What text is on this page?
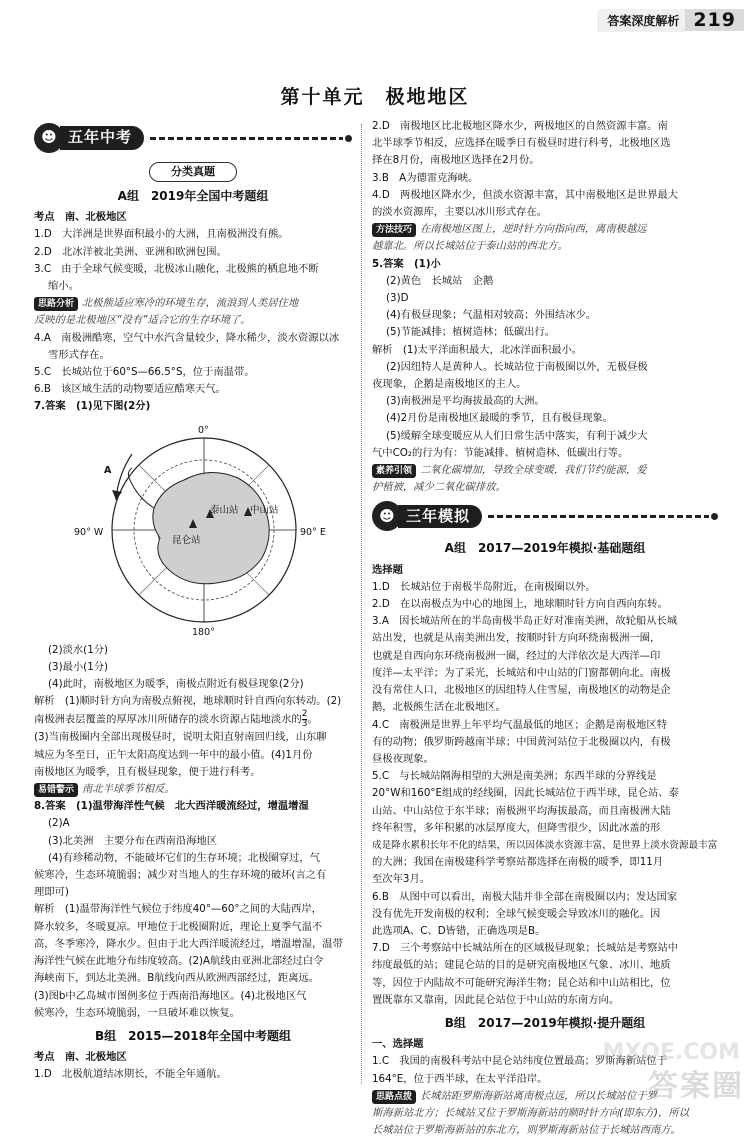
答案深度解析 219
第十单元　极地地区
☻ 五年中考
分类真题
A组　2019年全国中考题组
考点　南、北极地区
1.D　大洋洲是世界面积最小的大洲，且南极洲没有熊。
2.D　北冰洋被北美洲、亚洲和欧洲包围。
3.C　由于全球气候变暖，北极冰山融化，北极熊的栖息地不断
缩小。
思路分析 北极熊适应寒冷的环境生存，流浪到人类居住地
反映的是北极地区“没有”适合它的生存环境了。
4.A　南极洲酷寒，空气中水汽含量较少，降水稀少，淡水资源以冰
雪形式存在。
5.C　长城站位于60°S—66.5°S，位于南温带。
6.B　该区域生活的动物要适应酷寒天气。
7.答案　(1)见下图(2分)
0°
180°
90° W	90° E
A
昆仑站
泰山站 中山站
(2)淡水(1分)
(3)最小(1分)
(4)此时，南极地区为暖季，南极点附近有极昼现象(2分)
解析　(1)顺时针方向为南极点俯视，地球顺时针自西向东转动。(2)
南极洲表层覆盖的厚厚冰川所储存的淡水资源占陆地淡水的 $\frac{2}{3}$ 。
(3)当南极圈内全部出现极昼时，说明太阳直射南回归线，山东聊
城应为冬至日，正午太阳高度达到一年中的最小值。(4)1月份
南极地区为暖季，且有极昼现象，便于进行科考。
易错警示 南北半球季节相反。
8.答案　(1)温带海洋性气候　北大西洋暖流经过，增温增湿
(2)A
(3)北美洲　主要分布在西南沿海地区
(4)有珍稀动物，不能破坏它们的生存环境；北极圈穿过，气
候寒冷，生态环境脆弱；减少对当地人的生存环境的破坏(言之有
理即可)
解析　(1)温带海洋性气候位于纬度40°—60°之间的大陆西岸，
降水较多，冬暖夏凉。甲地位于北极圈附近，理论上夏季气温不
高，冬季寒冷，降水少。但由于北大西洋暖流经过，增温增湿，温带
海洋性气候在此地分布纬度较高。(2)A航线由亚洲北部经过白令
海峡南下，到达北美洲。B航线向西从欧洲西部经过，距离远。
(3)图b中乙岛城市图例多位于西南沿海地区。(4)北极地区气
候寒冷，生态环境脆弱，一旦破坏难以恢复。
B组　2015—2018年全国中考题组
考点　南、北极地区
1.D　北极航道结冰期长，不能全年通航。
2.D　南极地区比北极地区降水少，两极地区的自然资源丰富。南
北半球季节相反，应选择在暖季日有极昼时进行科考，北极地区选
择在8月份，南极地区选择在2月份。
3.B　A为德雷克海峡。
4.D　两极地区降水少，但淡水资源丰富，其中南极地区是世界最大
的淡水资源库，主要以冰川形式存在。
方法技巧 在南极地区图上，逆时针方向指向西，离南极越远
越靠北。所以长城站位于泰山站的西北方。
5.答案　(1)小
(2)黄色　长城站　企鹅
(3)D
(4)有极昼现象；气温相对较高；外围结冰少。
(5)节能减排；植树造林；低碳出行。
解析　(1)太平洋面积最大，北冰洋面积最小。
(2)因纽特人是黄种人。长城站位于南极圈以外，无极昼极
夜现象，企鹅是南极地区的主人。
(3)南极洲是平均海拔最高的大洲。
(4)2月份是南极地区最暖的季节，且有极昼现象。
(5)缓解全球变暖应从人们日常生活中落实，有利于减少大
气中CO₂的行为有：节能减排、植树造林、低碳出行等。
素养引领 二氧化碳增加，导致全球变暖，我们节约能源，爱
护植被，减少二氧化碳排放。
☻ 三年模拟
A组　2017—2019年模拟·基础题组
选择题
1.D　长城站位于南极半岛附近，在南极圈以外。
2.D　在以南极点为中心的地图上，地球顺时针方向自西向东转。
3.A　因长城站所在的半岛南极半岛正好对准南美洲，故轮船从长城
站出发，也就是从南美洲出发，按顺时针方向环绕南极洲一圈，
也就是自西向东环绕南极洲一圈，经过的大洋依次是大西洋—印
度洋—太平洋；为了采光，长城站和中山站的门窗都朝向北。南极
没有常住人口，北极地区的因纽特人住雪屋，南极地区的动物是企
鹅，北极熊生活在北极地区。
4.C　南极洲是世界上年平均气温最低的地区；企鹅是南极地区特
有的动物；俄罗斯跨越南半球；中国黄河站位于北极圈以内，有极
昼极夜现象。
5.C　与长城站隔海相望的大洲是南美洲；东西半球的分界线是
20°W和160°E组成的经线圈，因此长城站位于西半球，昆仑站、泰
山站、中山站位于东半球；南极洲平均海拔最高，而且南极洲大陆
终年积雪，多年积累的冰层厚度大，但降雪很少，因此冰盖的形
成是降水累积长年不化的结果，所以因体淡水资源丰富，是世界上淡水资源最丰富
的大洲；我国在南极建科学考察站都选择在南极的暖季，即11月
至次年3月。
6.B　从图中可以看出，南极大陆并非全部在南极圈以内；发达国家
没有优先开发南极的权利；全球气候变暖会导致冰川的融化。因
此选项A、C、D皆错，正确选项是B。
7.D　三个考察站中长城站所在的区域极昼现象；长城站是考察站中
纬度最低的站；建昆仑站的目的是研究南极地区气象、冰川、地质
等，因位于内陆故不可能研究海洋生物；昆仑站和中山站相比，位
置既靠东又靠南，因此昆仑站位于中山站的东南方向。
B组　2017—2019年模拟·提升题组
一、选择题
1.C　我国的南极科考站中昆仑站纬度位置最高；罗斯海新站位于
164°E，位于西半球，在太平洋沿岸。
思路点拨 长城站距罗斯海新站离南极点远，所以长城站位于罗
斯海新站北方；长城站又位于罗斯海新站的顺时针方向(即东方)，所以
长城站位于罗斯海新站的东北方，则罗斯海新站位于长城站西南方。
MXQE.COM
答案圈
